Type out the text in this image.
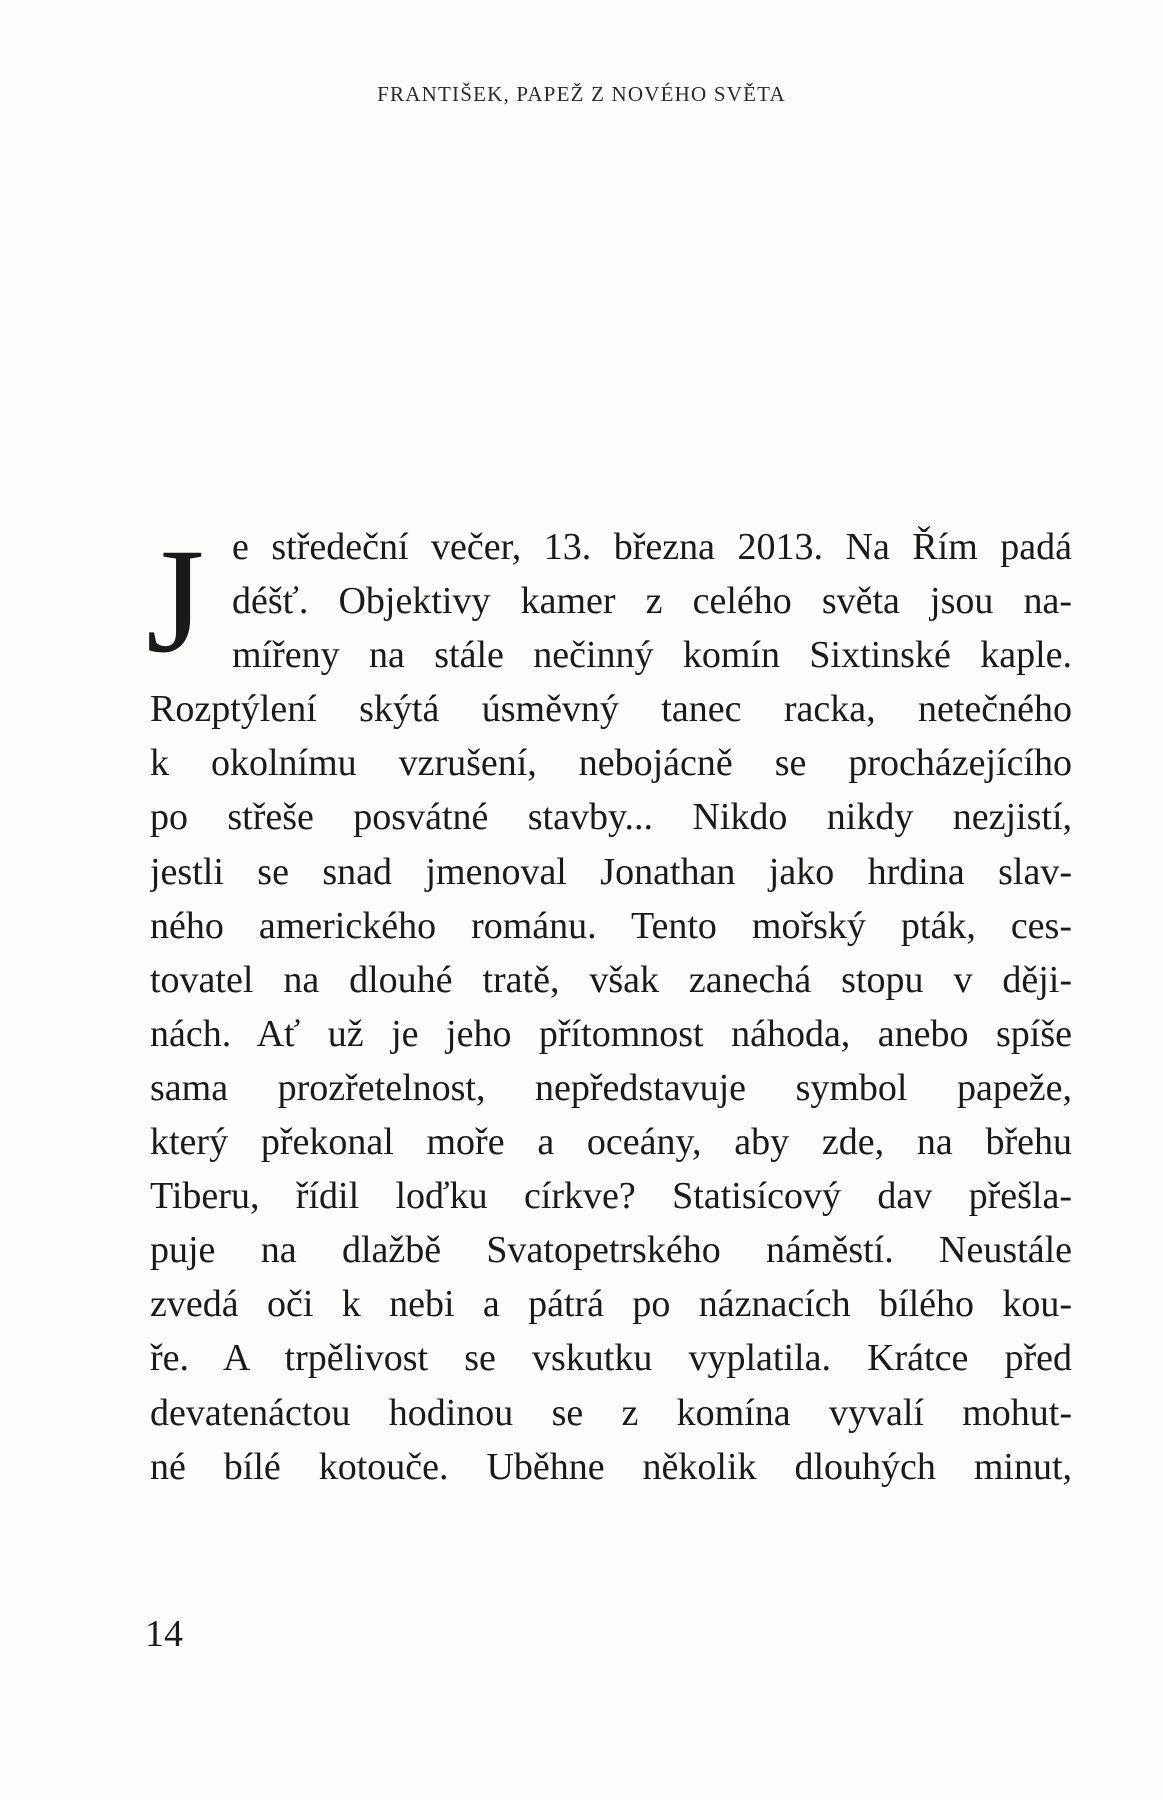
FRANTIŠEK, PAPEŽ Z NOVÉHO SVĚTA
J e středeční večer, 13. března 2013. Na Řím padá
déšť. Objektivy kamer z celého světa jsou na-
mířeny na stále nečinný komín Sixtinské kaple.
Rozptýlení skýtá úsměvný tanec racka, netečného
k okolnímu vzrušení, nebojácně se procházejícího
po střeše posvátné stavby... Nikdo nikdy nezjistí,
jestli se snad jmenoval Jonathan jako hrdina slav-
ného amerického románu. Tento mořský pták, ces-
tovatel na dlouhé tratě, však zanechá stopu v ději-
nách. Ať už je jeho přítomnost náhoda, anebo spíše
sama prozřetelnost, nepředstavuje symbol papeže,
který překonal moře a oceány, aby zde, na břehu
Tiberu, řídil loďku církve? Statisícový dav přešla-
puje na dlažbě Svatopetrského náměstí. Neustále
zvedá oči k nebi a pátrá po náznacích bílého kou-
ře. A trpělivost se vskutku vyplatila. Krátce před
devatenáctou hodinou se z komína vyvalí mohut-
né bílé kotouče. Uběhne několik dlouhých minut,
14
